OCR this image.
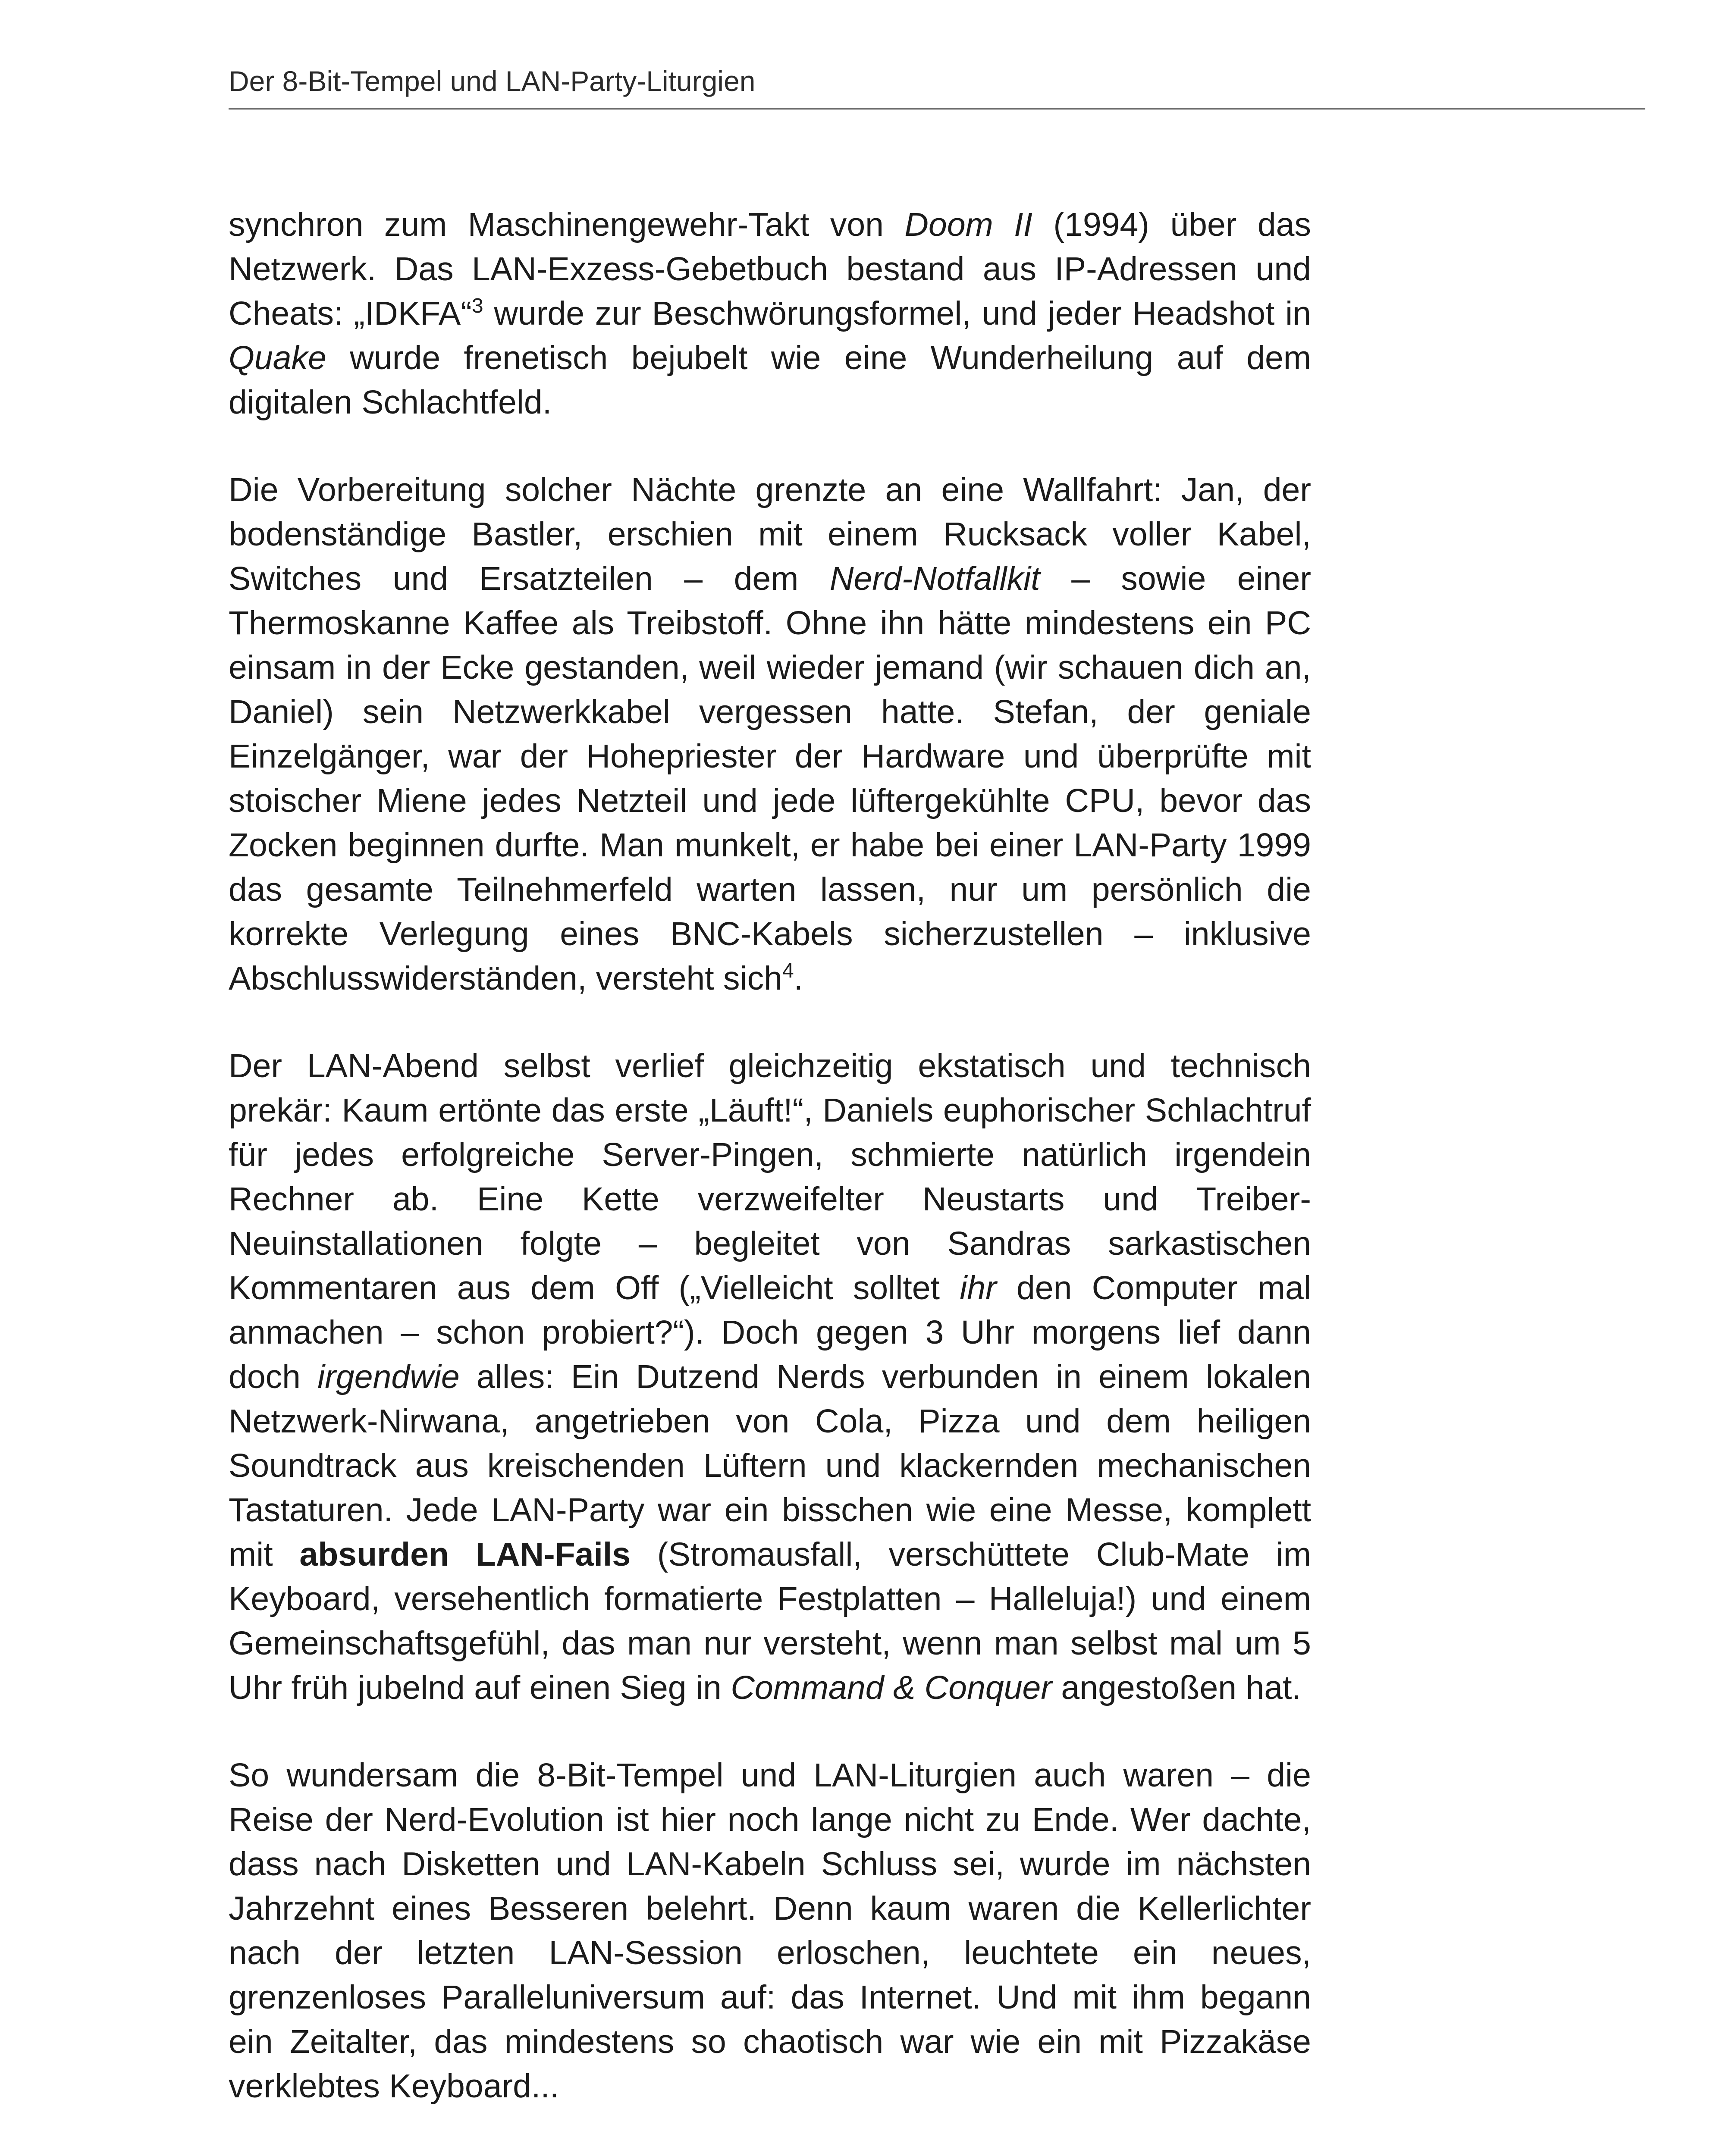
Der 8-Bit-Tempel und LAN-Party-Liturgien

synchron zum Maschinengewehr-Takt von Doom II (1994) über das Netzwerk. Das LAN-Exzess-Gebetbuch bestand aus IP-Adressen und Cheats: „IDKFA“$^3$ wurde zur Beschwörungsformel, und jeder Headshot in Quake wurde frenetisch bejubelt wie eine Wunderheilung auf dem digitalen Schlachtfeld.

Die Vorbereitung solcher Nächte grenzte an eine Wallfahrt: Jan, der bodenständige Bastler, erschien mit einem Rucksack voller Kabel, Switches und Ersatzteilen – dem Nerd-Notfallkit – sowie einer Thermoskanne Kaffee als Treibstoff. Ohne ihn hätte mindestens ein PC einsam in der Ecke gestanden, weil wieder jemand (wir schauen dich an, Daniel) sein Netzwerkkabel vergessen hatte. Stefan, der geniale Einzelgänger, war der Hohepriester der Hardware und überprüfte mit stoischer Miene jedes Netzteil und jede lüftergekühlte CPU, bevor das Zocken beginnen durfte. Man munkelt, er habe bei einer LAN-Party 1999 das gesamte Teilnehmerfeld warten lassen, nur um persönlich die korrekte Verlegung eines BNC-Kabels sicherzustellen – inklusive Abschlusswiderständen, versteht sich$^4$.

Der LAN-Abend selbst verlief gleichzeitig ekstatisch und technisch prekär: Kaum ertönte das erste „Läuft!“, Daniels euphorischer Schlachtruf für jedes erfolgreiche Server-Pingen, schmierte natürlich irgendein Rechner ab. Eine Kette verzweifelter Neustarts und Treiber-Neuinstallationen folgte – begleitet von Sandras sarkastischen Kommentaren aus dem Off („Vielleicht solltet ihr den Computer mal anmachen – schon probiert?“). Doch gegen 3 Uhr morgens lief dann doch irgendwie alles: Ein Dutzend Nerds verbunden in einem lokalen Netzwerk-Nirwana, angetrieben von Cola, Pizza und dem heiligen Soundtrack aus kreischenden Lüftern und klackernden mechanischen Tastaturen. Jede LAN-Party war ein bisschen wie eine Messe, komplett mit absurden LAN-Fails (Stromausfall, verschüttete Club-Mate im Keyboard, versehentlich formatierte Festplatten – Halleluja!) und einem Gemeinschaftsgefühl, das man nur versteht, wenn man selbst mal um 5 Uhr früh jubelnd auf einen Sieg in Command & Conquer angestoßen hat.

So wundersam die 8-Bit-Tempel und LAN-Liturgien auch waren – die Reise der Nerd-Evolution ist hier noch lange nicht zu Ende. Wer dachte, dass nach Disketten und LAN-Kabeln Schluss sei, wurde im nächsten Jahrzehnt eines Besseren belehrt. Denn kaum waren die Kellerlichter nach der letzten LAN-Session erloschen, leuchtete ein neues, grenzenloses Paralleluniversum auf: das Internet. Und mit ihm begann ein Zeitalter, das mindestens so chaotisch war wie ein mit Pizzakäse verklebtes Keyboard...
